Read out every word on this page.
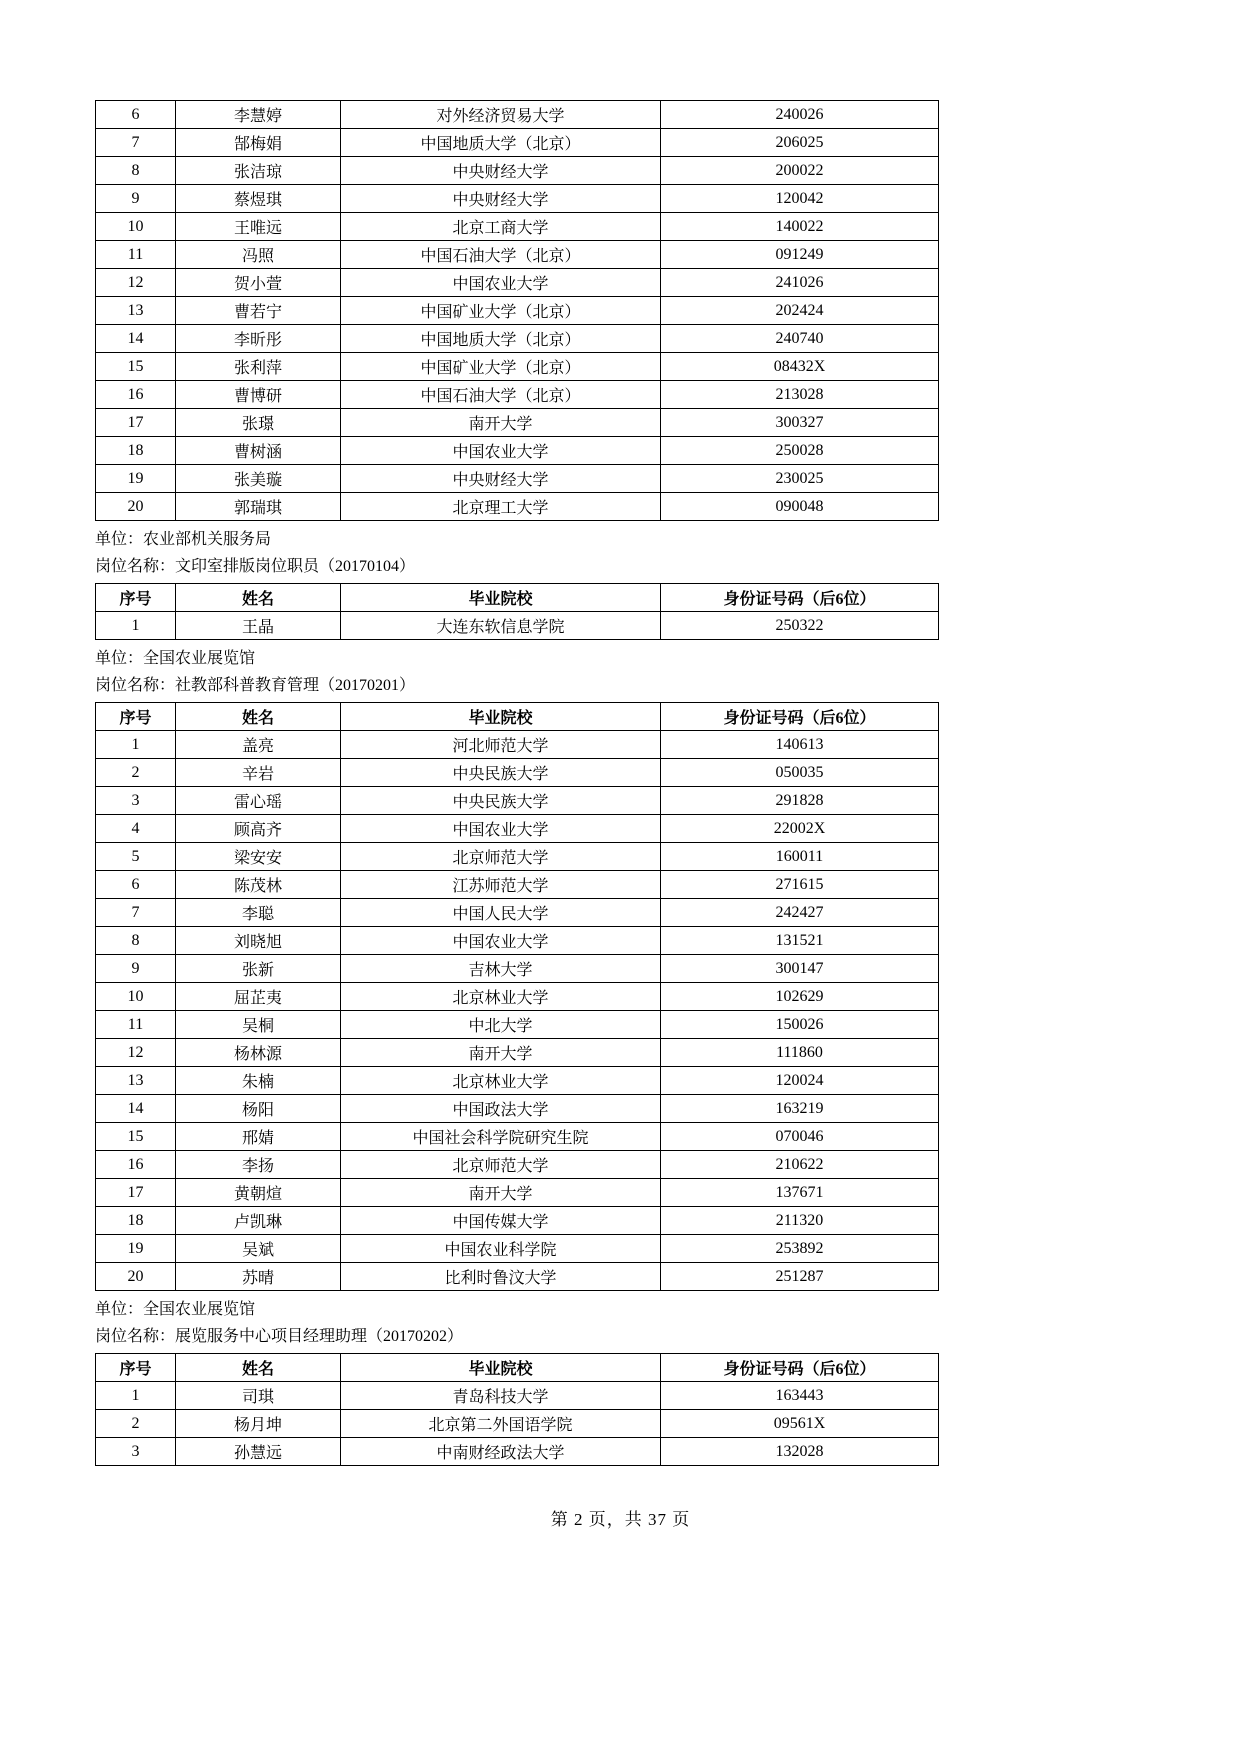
6	李慧婷	对外经济贸易大学	240026
7	郜梅娟	中国地质大学（北京）	206025
8	张洁琼	中央财经大学	200022
9	蔡煜琪	中央财经大学	120042
10	王唯远	北京工商大学	140022
11	冯照	中国石油大学（北京）	091249
12	贺小萱	中国农业大学	241026
13	曹若宁	中国矿业大学（北京）	202424
14	李昕彤	中国地质大学（北京）	240740
15	张利萍	中国矿业大学（北京）	08432X
16	曹博研	中国石油大学（北京）	213028
17	张璟	南开大学	300327
18	曹树涵	中国农业大学	250028
19	张美璇	中央财经大学	230025
20	郭瑞琪	北京理工大学	090048

单位：农业部机关服务局

岗位名称：文印室排版岗位职员（20170104）

序号	姓名	毕业院校	身份证号码（后6位）
1	王晶	大连东软信息学院	250322

单位：全国农业展览馆

岗位名称：社教部科普教育管理（20170201）

序号	姓名	毕业院校	身份证号码（后6位）
1	盖亮	河北师范大学	140613
2	辛岩	中央民族大学	050035
3	雷心瑶	中央民族大学	291828
4	顾高齐	中国农业大学	22002X
5	梁安安	北京师范大学	160011
6	陈茂林	江苏师范大学	271615
7	李聪	中国人民大学	242427
8	刘晓旭	中国农业大学	131521
9	张新	吉林大学	300147
10	屈芷夷	北京林业大学	102629
11	吴桐	中北大学	150026
12	杨林源	南开大学	111860
13	朱楠	北京林业大学	120024
14	杨阳	中国政法大学	163219
15	邢婧	中国社会科学院研究生院	070046
16	李扬	北京师范大学	210622
17	黄朝煊	南开大学	137671
18	卢凯琳	中国传媒大学	211320
19	吴斌	中国农业科学院	253892
20	苏晴	比利时鲁汶大学	251287

单位：全国农业展览馆

岗位名称：展览服务中心项目经理助理（20170202）

序号	姓名	毕业院校	身份证号码（后6位）
1	司琪	青岛科技大学	163443
2	杨月坤	北京第二外国语学院	09561X
3	孙慧远	中南财经政法大学	132028
第 2 页，共 37 页
